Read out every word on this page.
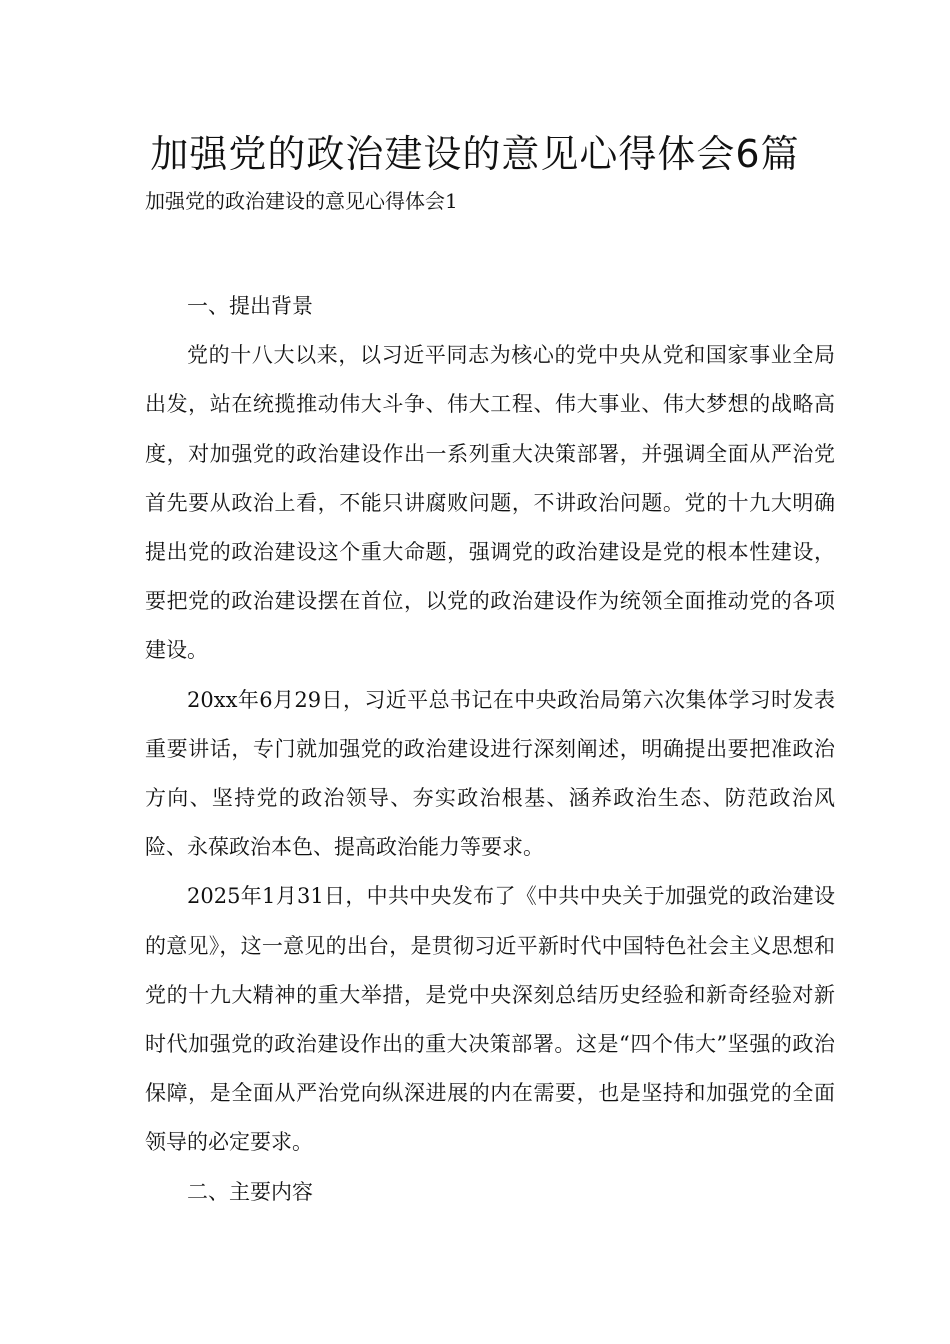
加强党的政治建设的意见心得体会6篇
加强党的政治建设的意见心得体会1

一、提出背景

党的十八大以来，以习近平同志为核心的党中央从党和国家事业全局出发，站在统揽推动伟大斗争、伟大工程、伟大事业、伟大梦想的战略高度，对加强党的政治建设作出一系列重大决策部署，并强调全面从严治党首先要从政治上看，不能只讲腐败问题，不讲政治问题。党的十九大明确提出党的政治建设这个重大命题，强调党的政治建设是党的根本性建设，要把党的政治建设摆在首位，以党的政治建设作为统领全面推动党的各项建设。

20xx年6月29日，习近平总书记在中央政治局第六次集体学习时发表重要讲话，专门就加强党的政治建设进行深刻阐述，明确提出要把准政治方向、坚持党的政治领导、夯实政治根基、涵养政治生态、防范政治风险、永葆政治本色、提高政治能力等要求。

2025年1月31日，中共中央发布了《中共中央关于加强党的政治建设的意见》，这一意见的出台，是贯彻习近平新时代中国特色社会主义思想和党的十九大精神的重大举措，是党中央深刻总结历史经验和新奇经验对新时代加强党的政治建设作出的重大决策部署。这是“四个伟大”坚强的政治保障，是全面从严治党向纵深进展的内在需要，也是坚持和加强党的全面领导的必定要求。

二、主要内容
